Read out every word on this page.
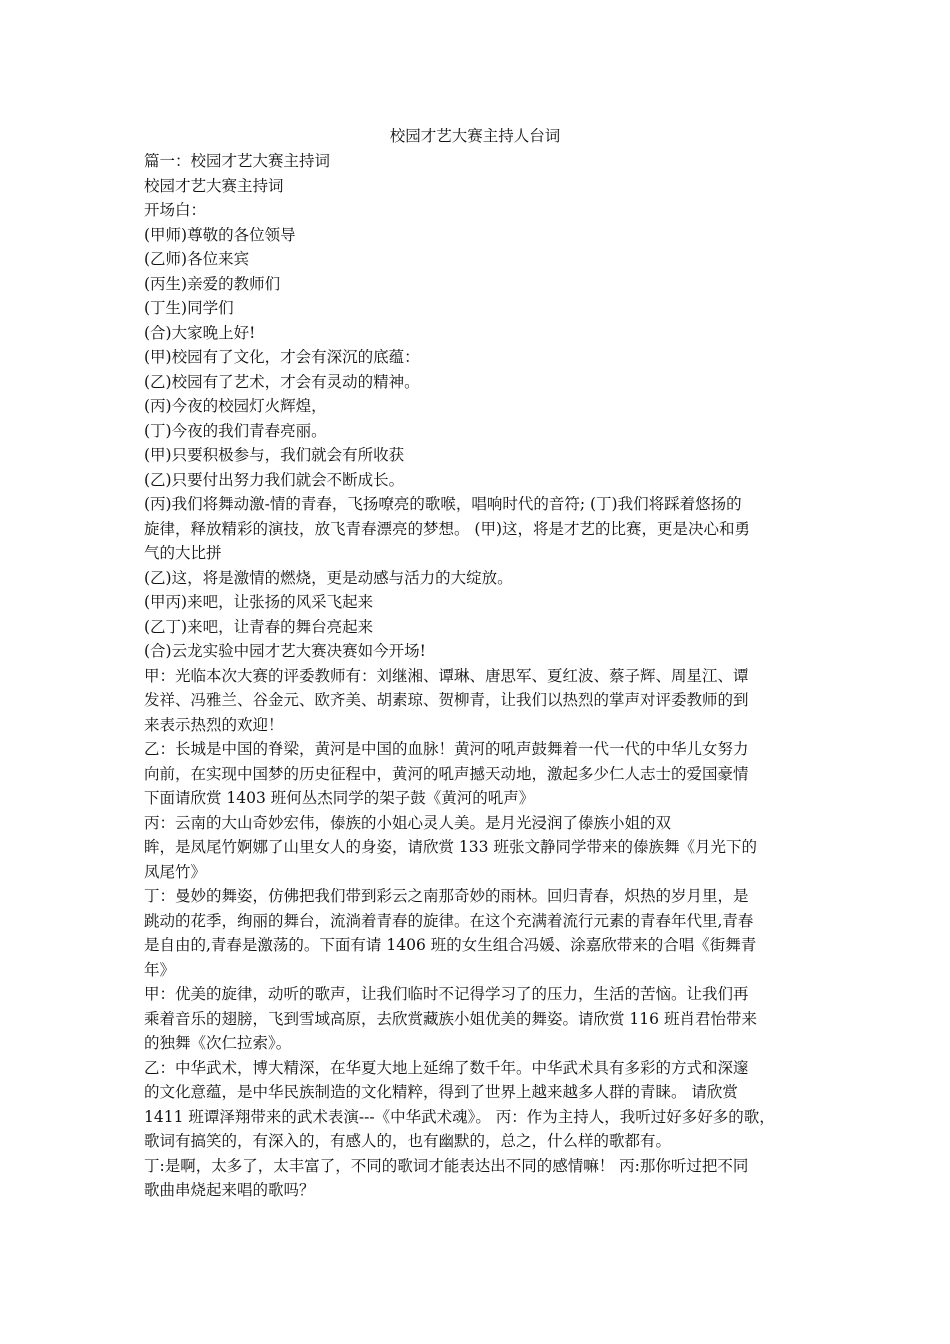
校园才艺大赛主持人台词
篇一：校园才艺大赛主持词
校园才艺大赛主持词
开场白：
(甲师)尊敬的各位领导
(乙师)各位来宾
(丙生)亲爱的教师们
(丁生)同学们
(合)大家晚上好!
(甲)校园有了文化，才会有深沉的底蕴：
(乙)校园有了艺术，才会有灵动的精神。
(丙)今夜的校园灯火辉煌，
(丁)今夜的我们青春亮丽。
(甲)只要积极参与，我们就会有所收获
(乙)只要付出努力我们就会不断成长。
(丙)我们将舞动激-情的青春，飞扬嘹亮的歌喉，唱响时代的音符; (丁)我们将踩着悠扬的
旋律，释放精彩的演技，放飞青春漂亮的梦想。 (甲)这，将是才艺的比赛，更是决心和勇
气的大比拼
(乙)这，将是激情的燃烧，更是动感与活力的大绽放。
(甲丙)来吧，让张扬的风采飞起来
(乙丁)来吧，让青春的舞台亮起来
(合)云龙实验中园才艺大赛决赛如今开场!
甲：光临本次大赛的评委教师有：刘继湘、谭琳、唐思军、夏红波、蔡子辉、周星江、谭
发祥、冯雅兰、谷金元、欧齐美、胡素琼、贺柳青，让我们以热烈的掌声对评委教师的到
来表示热烈的欢迎！
乙：长城是中国的脊梁，黄河是中国的血脉！黄河的吼声鼓舞着一代一代的中华儿女努力
向前，在实现中国梦的历史征程中，黄河的吼声撼天动地，激起多少仁人志士的爱国豪情
下面请欣赏 1403 班何丛杰同学的架子鼓《黄河的吼声》
丙：云南的大山奇妙宏伟，傣族的小姐心灵人美。是月光浸润了傣族小姐的双
眸，是凤尾竹婀娜了山里女人的身姿，请欣赏 133 班张文静同学带来的傣族舞《月光下的
凤尾竹》
丁：曼妙的舞姿，仿佛把我们带到彩云之南那奇妙的雨林。回归青春，炽热的岁月里，是
跳动的花季，绚丽的舞台，流淌着青春的旋律。在这个充满着流行元素的青春年代里,青春
是自由的,青春是激荡的。下面有请 1406 班的女生组合冯媛、涂嘉欣带来的合唱《街舞青
年》
甲：优美的旋律，动听的歌声，让我们临时不记得学习了的压力，生活的苦恼。让我们再
乘着音乐的翅膀，飞到雪域高原，去欣赏藏族小姐优美的舞姿。请欣赏 116 班肖君怡带来
的独舞《次仁拉索》。
乙：中华武术，博大精深，在华夏大地上延绵了数千年。中华武术具有多彩的方式和深邃
的文化意蕴，是中华民族制造的文化精粹，得到了世界上越来越多人群的青睐。 请欣赏
1411 班谭泽翔带来的武术表演---《中华武术魂》。 丙：作为主持人，我听过好多好多的歌，
歌词有搞笑的，有深入的，有感人的，也有幽默的，总之，什么样的歌都有。
丁:是啊，太多了，太丰富了，不同的歌词才能表达出不同的感情嘛！ 丙:那你听过把不同
歌曲串烧起来唱的歌吗？
